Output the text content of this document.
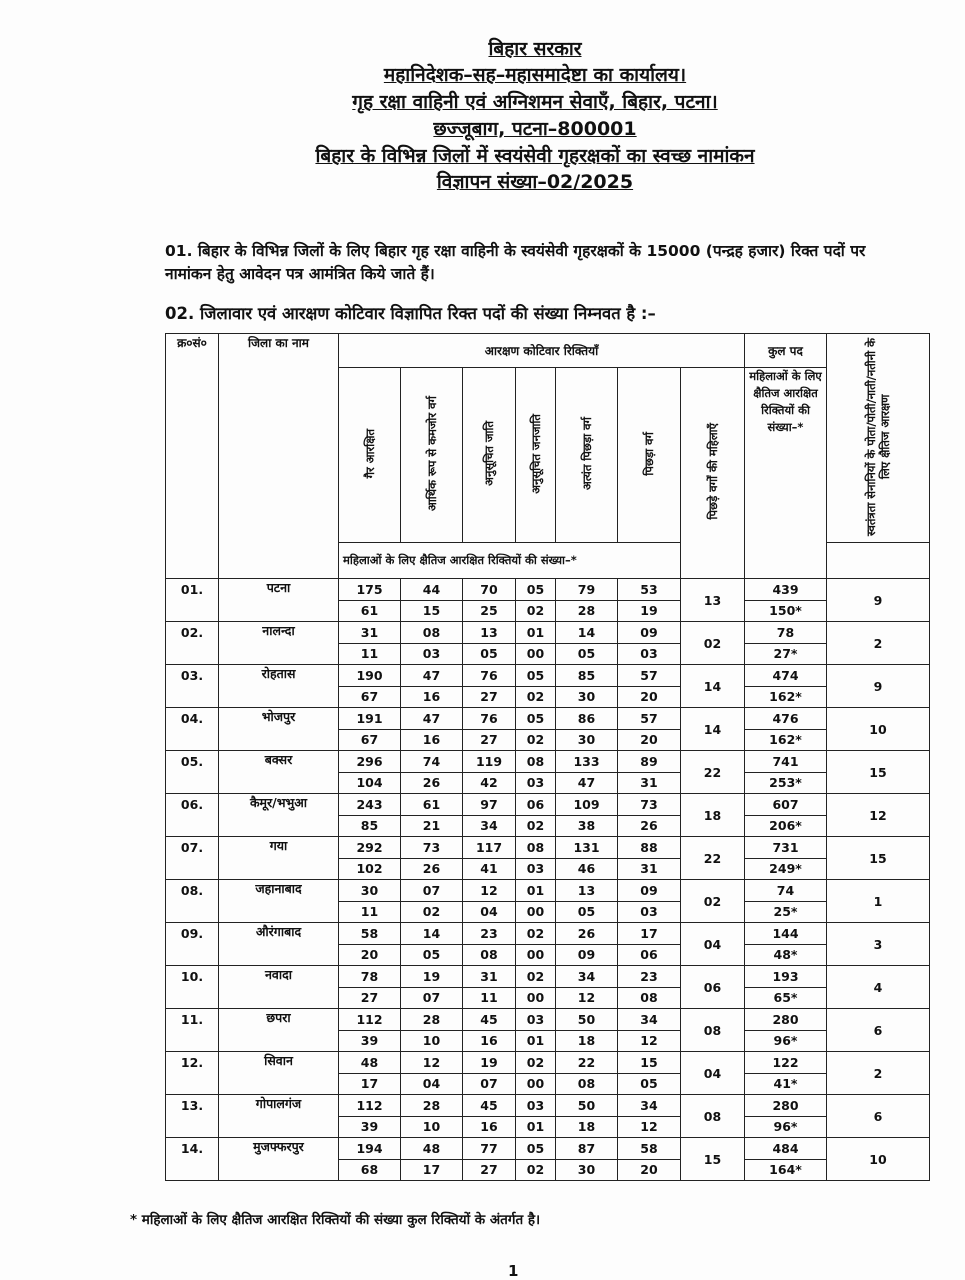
बिहार सरकार
महानिदेशक–सह–महासमादेष्टा का कार्यालय।
गृह रक्षा वाहिनी एवं अग्निशमन सेवाएँ, बिहार, पटना।
छज्जूबाग, पटना–800001
बिहार के विभिन्न जिलों में स्वयंसेवी गृहरक्षकों का स्वच्छ नामांकन
विज्ञापन संख्या–02/2025
01. बिहार के विभिन्न जिलों के लिए बिहार गृह रक्षा वाहिनी के स्वयंसेवी गृहरक्षकों के 15000 (पन्द्रह हजार) रिक्त पदों पर नामांकन हेतु आवेदन पत्र आमंत्रित किये जाते हैं।
02. जिलावार एवं आरक्षण कोटिवार विज्ञापित रिक्त पदों की संख्या निम्नवत है :–
क्र०सं०	जिला का नाम	आरक्षण कोटिवार रिक्तियाँ							कुल पद	स्वतंत्रता सेनानियों के पोता/पोती/नाती/नतीनी के लिए क्षैतिज आरक्षण
		गैर आरक्षित	आर्थिक रूप से कमजोर वर्ग	अनुसूचित जाति	अनुसूचित जनजाति	अत्यंत पिछड़ा वर्ग	पिछड़ा वर्ग	पिछड़े वर्गों की महिलाएँ	महिलाओं के लिए क्षैतिज आरक्षित रिक्तियों की संख्या–*	
		महिलाओं के लिए क्षैतिज आरक्षित रिक्तियों की संख्या–*								
01.	पटना	175	44	70	05	79	53	13	439	9
		61	15	25	02	28	19		150*	
02.	नालन्दा	31	08	13	01	14	09	02	78	2
		11	03	05	00	05	03		27*	
03.	रोहतास	190	47	76	05	85	57	14	474	9
		67	16	27	02	30	20		162*	
04.	भोजपुर	191	47	76	05	86	57	14	476	10
		67	16	27	02	30	20		162*	
05.	बक्सर	296	74	119	08	133	89	22	741	15
		104	26	42	03	47	31		253*	
06.	कैमूर/भभुआ	243	61	97	06	109	73	18	607	12
		85	21	34	02	38	26		206*	
07.	गया	292	73	117	08	131	88	22	731	15
		102	26	41	03	46	31		249*	
08.	जहानाबाद	30	07	12	01	13	09	02	74	1
		11	02	04	00	05	03		25*	
09.	औरंगाबाद	58	14	23	02	26	17	04	144	3
		20	05	08	00	09	06		48*	
10.	नवादा	78	19	31	02	34	23	06	193	4
		27	07	11	00	12	08		65*	
11.	छपरा	112	28	45	03	50	34	08	280	6
		39	10	16	01	18	12		96*	
12.	सिवान	48	12	19	02	22	15	04	122	2
		17	04	07	00	08	05		41*	
13.	गोपालगंज	112	28	45	03	50	34	08	280	6
		39	10	16	01	18	12		96*	
14.	मुजफ्फरपुर	194	48	77	05	87	58	15	484	10
		68	17	27	02	30	20		164*	
* महिलाओं के लिए क्षैतिज आरक्षित रिक्तियों की संख्या कुल रिक्तियों के अंतर्गत है।
1
